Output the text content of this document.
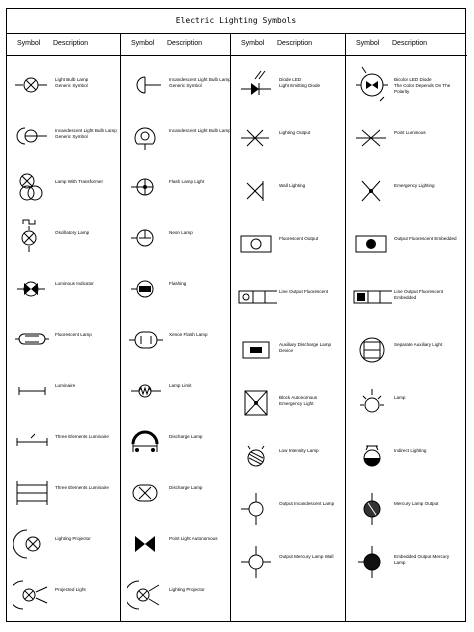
Electric Lighting Symbols
Symbol Description
Light Bulb Lamp
Generic Symbol
Incandescent Light Bulb Lamp
Generic Symbol
Lamp With Transformer
Oscillatory Lamp
Luminous Indicator
Fluorescent Lamp
Luminaire
Three Elements Luminaire
Three Elements Luminaire
Lighting Projector
Projected Light
Symbol Description
Incandescent Light Bulb Lamp
Generic Symbol
Incandescent Light Bulb Lamp
Flash Lamp Light
Neon Lamp
Flashing
Xenon Flash Lamp
Lamp Limit
Discharge Lamp
Discharge Lamp
Point Light Autonomous
Lighting Projector
Symbol Description
Diode LED
Light Emitting Diode
Lighting Output
Wall Lighting
Fluorescent Output
Line Output Fluorescent
Auxiliary Discharge Lamp Device
Block Autonomous
Emergency Light
Low Intensity Lamp
Output Incandescent Lamp
Output Mercury Lamp Wall
Symbol Description
Bicolor LED Diode
The Color Depends On The Polarity
Point Luminous
Emergency Lighting
Output Fluorescent Embedded
Line Output Fluorescent Embedded
Separate Auxiliary Light
Lamp
Indirect Lighting
Mercury Lamp Output
Embedded Output Mercury Lamp
